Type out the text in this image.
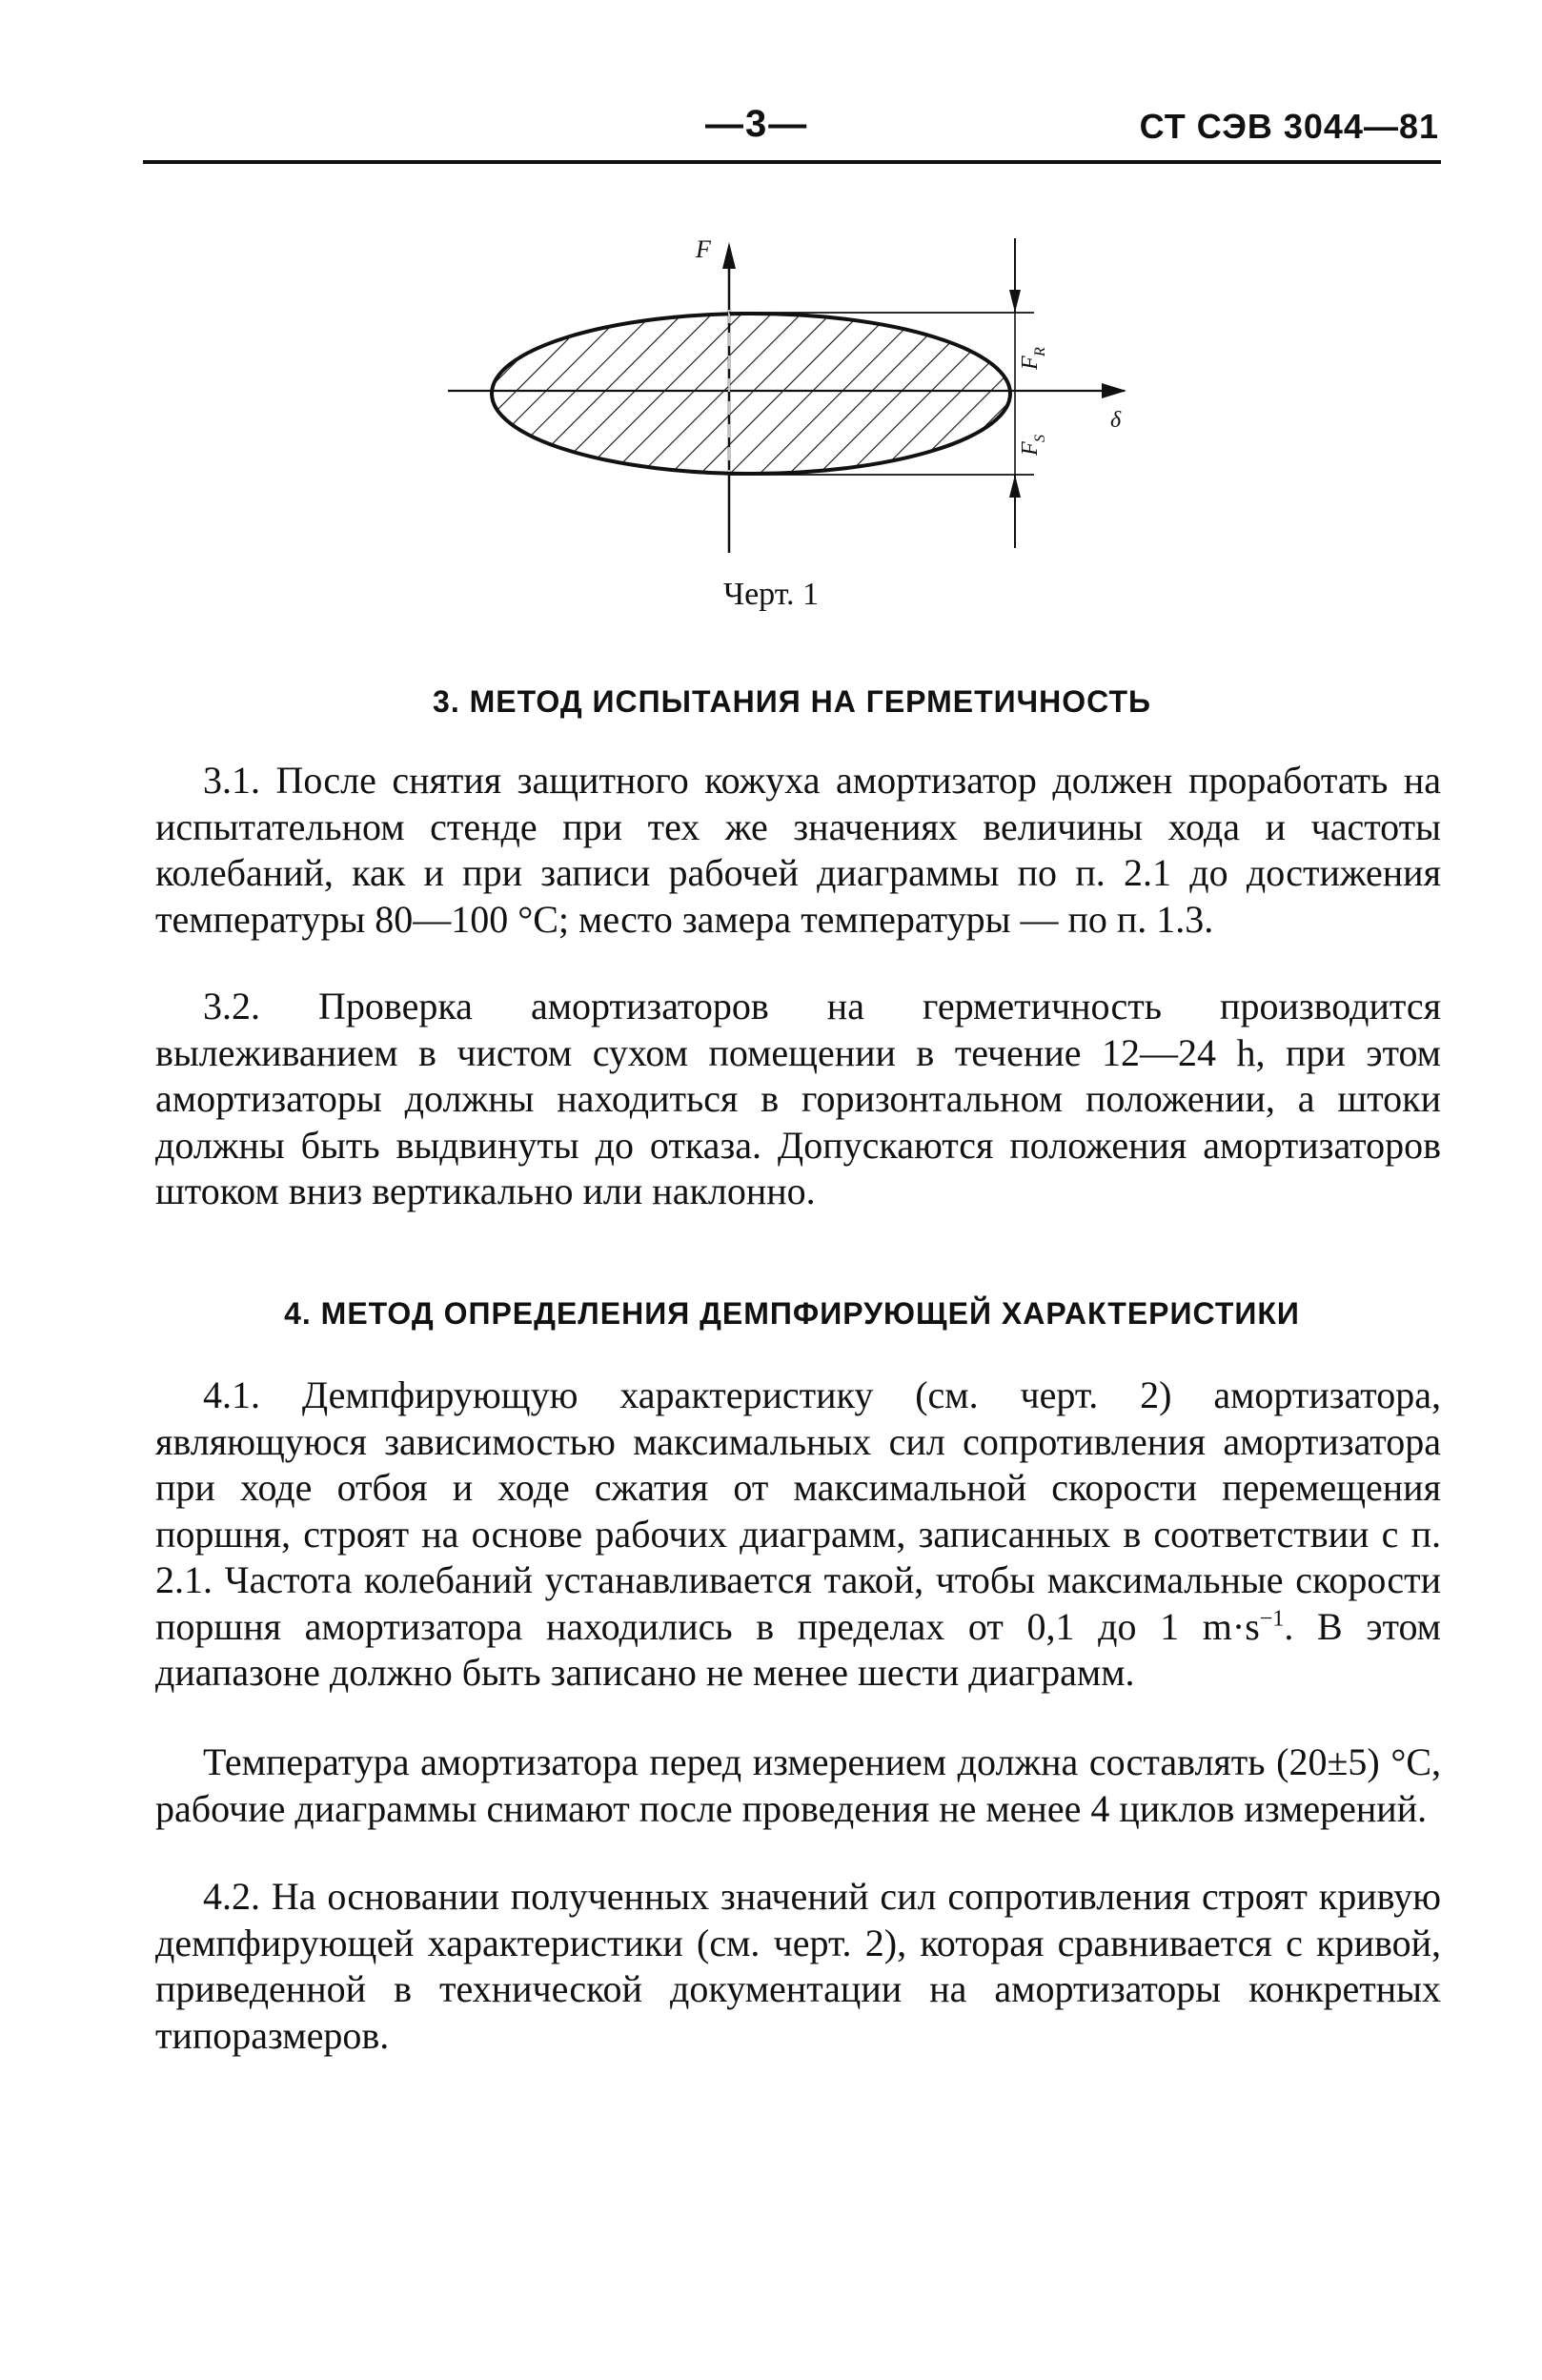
—3—	СТ СЭВ 3044—81
F
δ
F
R
F
S
Черт. 1
3. МЕТОД ИСПЫТАНИЯ НА ГЕРМЕТИЧНОСТЬ

3.1. После снятия защитного кожуха амортизатор должен проработать на испытательном стенде при тех же значениях величины хода и частоты колебаний, как и при записи рабочей диаграммы по п. 2.1 до достижения температуры 80—100 °С; место замера температуры — по п. 1.3.

3.2. Проверка амортизаторов на герметичность производится вылеживанием в чистом сухом помещении в течение 12—24 h, при этом амортизаторы должны находиться в горизонтальном положении, а штоки должны быть выдвинуты до отказа. Допускаются положения амортизаторов штоком вниз вертикально или наклонно.

4. МЕТОД ОПРЕДЕЛЕНИЯ ДЕМПФИРУЮЩЕЙ ХАРАКТЕРИСТИКИ

4.1. Демпфирующую характеристику (см. черт. 2) амортизатора, являющуюся зависимостью максимальных сил сопротивления амортизатора при ходе отбоя и ходе сжатия от максимальной скорости перемещения поршня, строят на основе рабочих диаграмм, записанных в соответствии с п. 2.1. Частота колебаний устанавливается такой, чтобы максимальные скорости поршня амортизатора находились в пределах от 0,1 до 1 $m\cdot s^{-1}$. В этом диапазоне должно быть записано не менее шести диаграмм.

Температура амортизатора перед измерением должна составлять (20±5) °С, рабочие диаграммы снимают после проведения не менее 4 циклов измерений.

4.2. На основании полученных значений сил сопротивления строят кривую демпфирующей характеристики (см. черт. 2), которая сравнивается с кривой, приведенной в технической документации на амортизаторы конкретных типоразмеров.
